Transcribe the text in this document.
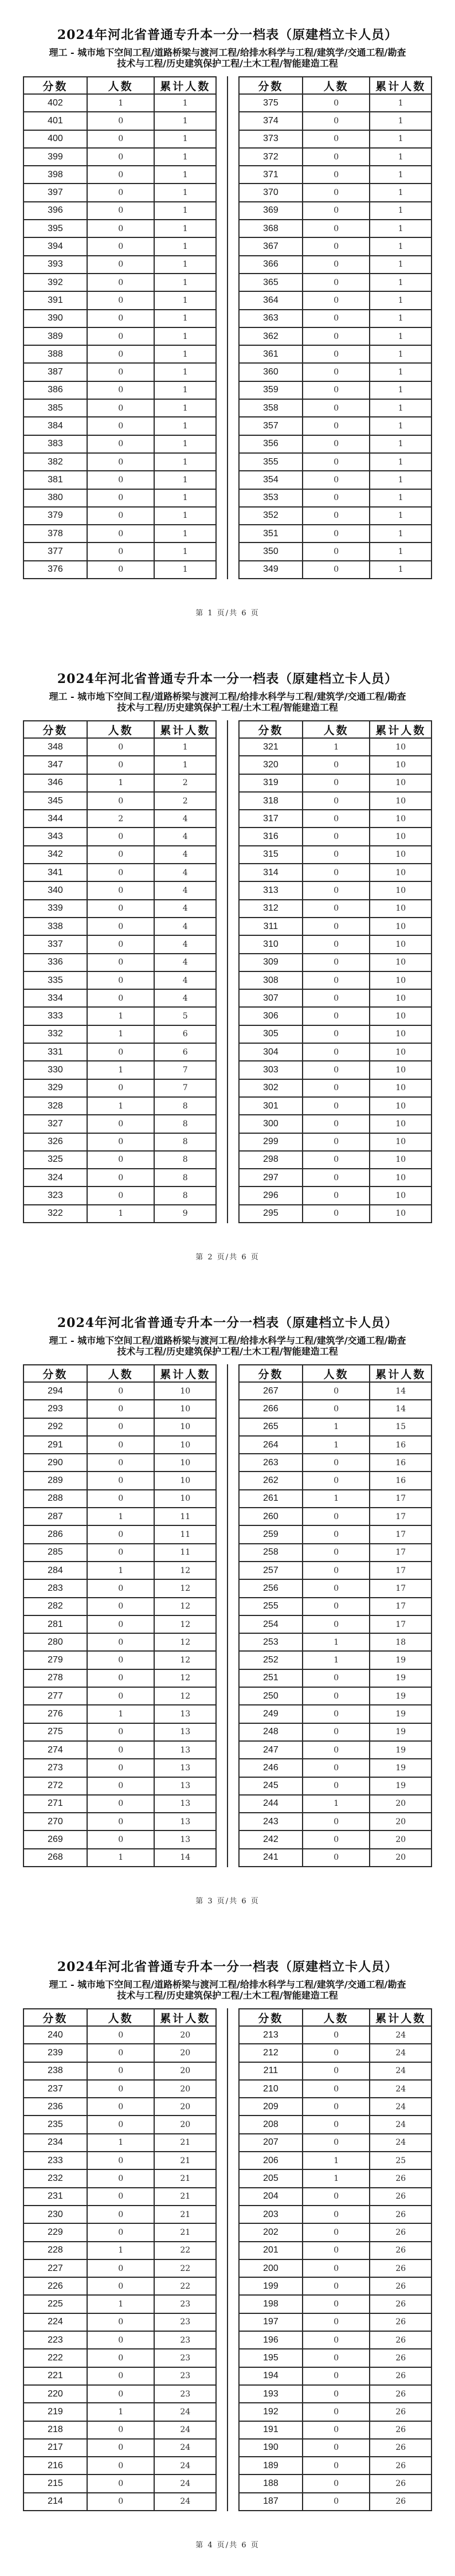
2024年河北省普通专升本一分一档表（原建档立卡人员）
理工 - 城市地下空间工程/道路桥梁与渡河工程/给排水科学与工程/建筑学/交通工程/勘查
技术与工程/历史建筑保护工程/土木工程/智能建造工程
分数	人数	累计人数
402	1	1
401	0	1
400	0	1
399	0	1
398	0	1
397	0	1
396	0	1
395	0	1
394	0	1
393	0	1
392	0	1
391	0	1
390	0	1
389	0	1
388	0	1
387	0	1
386	0	1
385	0	1
384	0	1
383	0	1
382	0	1
381	0	1
380	0	1
379	0	1
378	0	1
377	0	1
376	0	1
分数	人数	累计人数
375	0	1
374	0	1
373	0	1
372	0	1
371	0	1
370	0	1
369	0	1
368	0	1
367	0	1
366	0	1
365	0	1
364	0	1
363	0	1
362	0	1
361	0	1
360	0	1
359	0	1
358	0	1
357	0	1
356	0	1
355	0	1
354	0	1
353	0	1
352	0	1
351	0	1
350	0	1
349	0	1
第 1 页/共 6 页
2024年河北省普通专升本一分一档表（原建档立卡人员）
理工 - 城市地下空间工程/道路桥梁与渡河工程/给排水科学与工程/建筑学/交通工程/勘查
技术与工程/历史建筑保护工程/土木工程/智能建造工程
分数	人数	累计人数
348	0	1
347	0	1
346	1	2
345	0	2
344	2	4
343	0	4
342	0	4
341	0	4
340	0	4
339	0	4
338	0	4
337	0	4
336	0	4
335	0	4
334	0	4
333	1	5
332	1	6
331	0	6
330	1	7
329	0	7
328	1	8
327	0	8
326	0	8
325	0	8
324	0	8
323	0	8
322	1	9
分数	人数	累计人数
321	1	10
320	0	10
319	0	10
318	0	10
317	0	10
316	0	10
315	0	10
314	0	10
313	0	10
312	0	10
311	0	10
310	0	10
309	0	10
308	0	10
307	0	10
306	0	10
305	0	10
304	0	10
303	0	10
302	0	10
301	0	10
300	0	10
299	0	10
298	0	10
297	0	10
296	0	10
295	0	10
第 2 页/共 6 页
2024年河北省普通专升本一分一档表（原建档立卡人员）
理工 - 城市地下空间工程/道路桥梁与渡河工程/给排水科学与工程/建筑学/交通工程/勘查
技术与工程/历史建筑保护工程/土木工程/智能建造工程
分数	人数	累计人数
294	0	10
293	0	10
292	0	10
291	0	10
290	0	10
289	0	10
288	0	10
287	1	11
286	0	11
285	0	11
284	1	12
283	0	12
282	0	12
281	0	12
280	0	12
279	0	12
278	0	12
277	0	12
276	1	13
275	0	13
274	0	13
273	0	13
272	0	13
271	0	13
270	0	13
269	0	13
268	1	14
分数	人数	累计人数
267	0	14
266	0	14
265	1	15
264	1	16
263	0	16
262	0	16
261	1	17
260	0	17
259	0	17
258	0	17
257	0	17
256	0	17
255	0	17
254	0	17
253	1	18
252	1	19
251	0	19
250	0	19
249	0	19
248	0	19
247	0	19
246	0	19
245	0	19
244	1	20
243	0	20
242	0	20
241	0	20
第 3 页/共 6 页
2024年河北省普通专升本一分一档表（原建档立卡人员）
理工 - 城市地下空间工程/道路桥梁与渡河工程/给排水科学与工程/建筑学/交通工程/勘查
技术与工程/历史建筑保护工程/土木工程/智能建造工程
分数	人数	累计人数
240	0	20
239	0	20
238	0	20
237	0	20
236	0	20
235	0	20
234	1	21
233	0	21
232	0	21
231	0	21
230	0	21
229	0	21
228	1	22
227	0	22
226	0	22
225	1	23
224	0	23
223	0	23
222	0	23
221	0	23
220	0	23
219	1	24
218	0	24
217	0	24
216	0	24
215	0	24
214	0	24
分数	人数	累计人数
213	0	24
212	0	24
211	0	24
210	0	24
209	0	24
208	0	24
207	0	24
206	1	25
205	1	26
204	0	26
203	0	26
202	0	26
201	0	26
200	0	26
199	0	26
198	0	26
197	0	26
196	0	26
195	0	26
194	0	26
193	0	26
192	0	26
191	0	26
190	0	26
189	0	26
188	0	26
187	0	26
第 4 页/共 6 页
